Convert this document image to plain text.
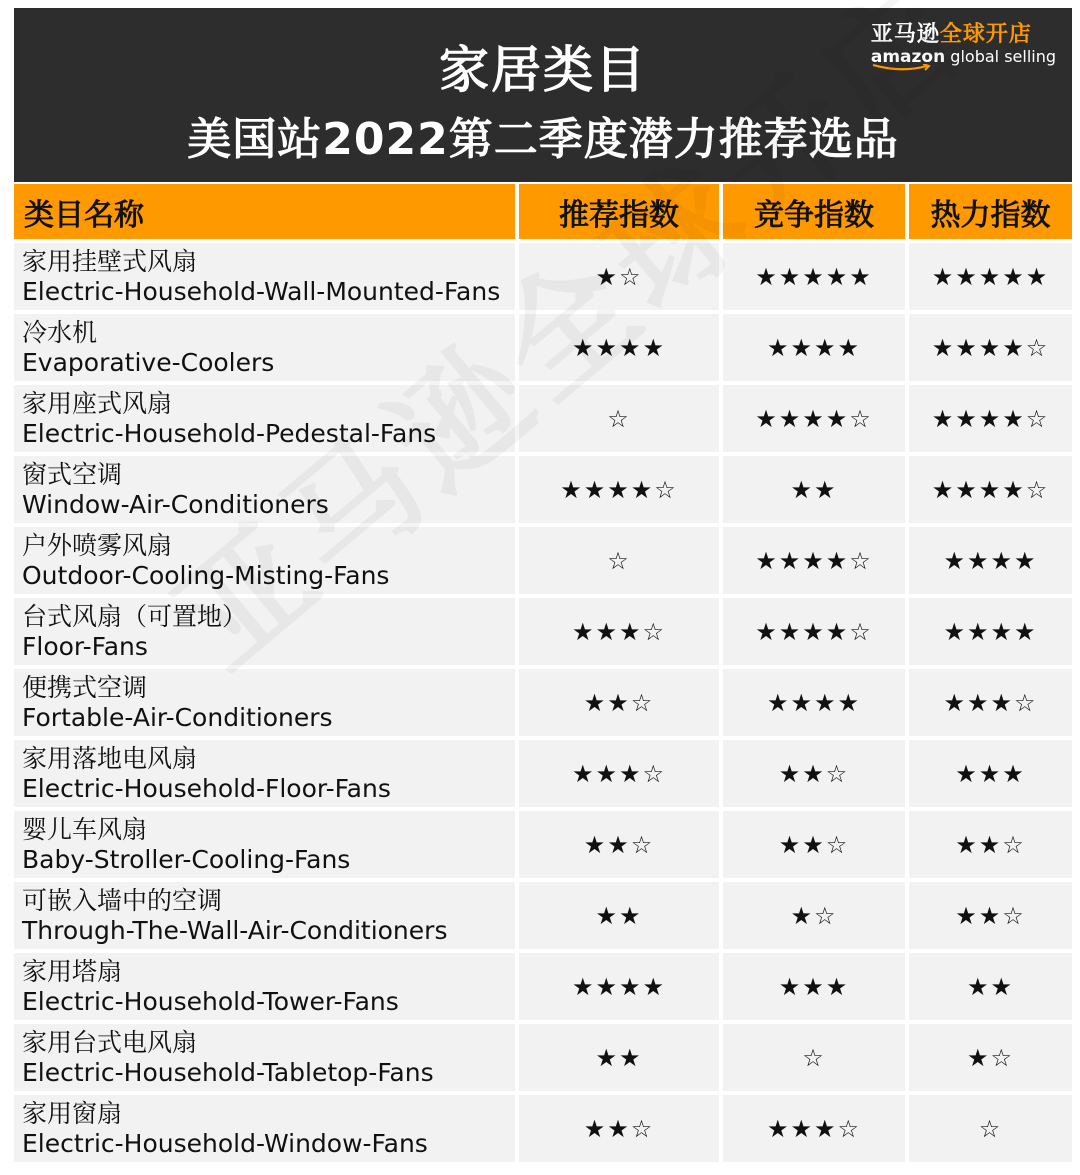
家居类目
美国站2022第二季度潜力推荐选品
亚马逊全球开店
amazon global selling
类目名称	推荐指数	竞争指数	热力指数

家用挂壁式风扇
Electric-Household-Wall-Mounted-Fans	★☆	★★★★★	★★★★★

冷水机
Evaporative-Coolers	★★★★	★★★★	★★★★☆

家用座式风扇
Electric-Household-Pedestal-Fans	☆	★★★★☆	★★★★☆

窗式空调
Window-Air-Conditioners	★★★★☆	★★	★★★★☆

户外喷雾风扇
Outdoor-Cooling-Misting-Fans	☆	★★★★☆	★★★★

台式风扇（可置地）
Floor-Fans	★★★☆	★★★★☆	★★★★

便携式空调
Fortable-Air-Conditioners	★★☆	★★★★	★★★☆

家用落地电风扇
Electric-Household-Floor-Fans	★★★☆	★★☆	★★★

婴儿车风扇
Baby-Stroller-Cooling-Fans	★★☆	★★☆	★★☆

可嵌入墙中的空调
Through-The-Wall-Air-Conditioners	★★	★☆	★★☆

家用塔扇
Electric-Household-Tower-Fans	★★★★	★★★	★★

家用台式电风扇
Electric-Household-Tabletop-Fans	★★	☆	★☆

家用窗扇
Electric-Household-Window-Fans	★★☆	★★★☆	☆
